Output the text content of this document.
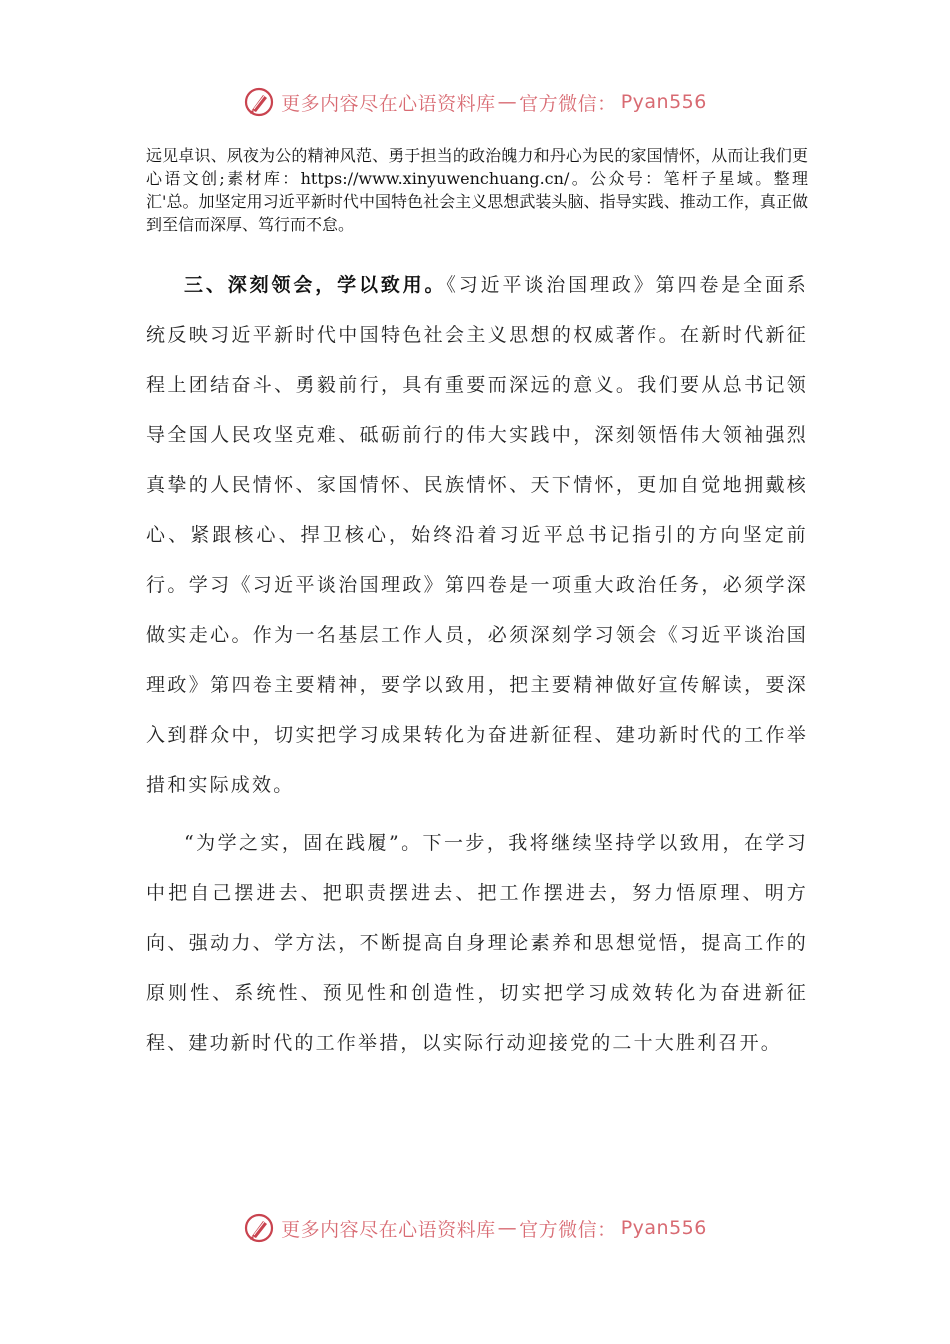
更多内容尽在心语资料库 — 官方微信： Pyan556

远见卓识、夙夜为公的精神风范、勇于担当的政治魄力和丹心为民的家国情怀，从而让我们更心语文创;素材库：https://www.xinyuwenchuang.cn/。公众号：笔杆子星域。整理汇'总。加坚定用习近平新时代中国特色社会主义思想武装头脑、指导实践、推动工作，真正做到至信而深厚、笃行而不怠。

三、深刻领会，学以致用。《习近平谈治国理政》第四卷是全面系统反映习近平新时代中国特色社会主义思想的权威著作。在新时代新征程上团结奋斗、勇毅前行，具有重要而深远的意义。我们要从总书记领导全国人民攻坚克难、砥砺前行的伟大实践中，深刻领悟伟大领袖强烈真挚的人民情怀、家国情怀、民族情怀、天下情怀，更加自觉地拥戴核心、紧跟核心、捍卫核心，始终沿着习近平总书记指引的方向坚定前行。学习《习近平谈治国理政》第四卷是一项重大政治任务，必须学深做实走心。作为一名基层工作人员，必须深刻学习领会《习近平谈治国理政》第四卷主要精神，要学以致用，把主要精神做好宣传解读，要深入到群众中，切实把学习成果转化为奋进新征程、建功新时代的工作举措和实际成效。

“为学之实，固在践履”。下一步，我将继续坚持学以致用，在学习中把自己摆进去、把职责摆进去、把工作摆进去，努力悟原理、明方向、强动力、学方法，不断提高自身理论素养和思想觉悟，提高工作的原则性、系统性、预见性和创造性，切实把学习成效转化为奋进新征程、建功新时代的工作举措，以实际行动迎接党的二十大胜利召开。

更多内容尽在心语资料库 — 官方微信： Pyan556
